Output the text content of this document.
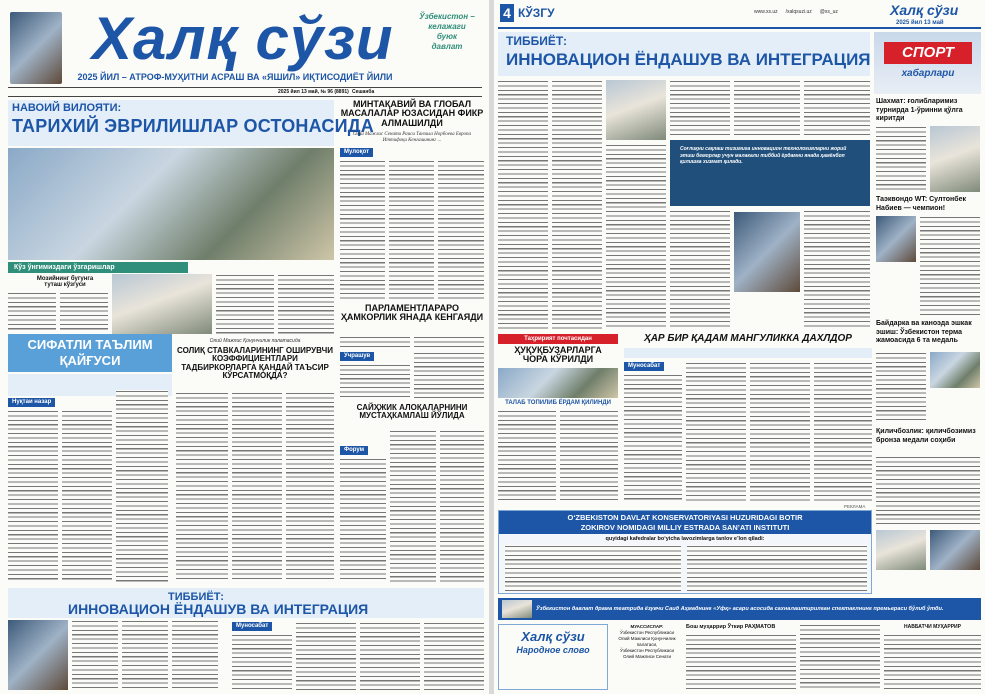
Халқ сўзи	Ўзбекистон –
келажаги
буюк
давлат
2025 ЙИЛ – АТРОФ-МУҲИТНИ АСРАШ ВА «ЯШИЛ» ИҚТИСОДИЁТ ЙИЛИ
2025 йил 13 май, № 96 (8891) Сешанба
НАВОИЙ ВИЛОЯТИ:
ТАРИХИЙ ЭВРИЛИШЛАР ОСТОНАСИДА
МИНТАҚАВИЙ ВА ГЛОБАЛ МАСАЛАЛАР ЮЗАСИДАН ФИКР АЛМАШИЛДИ
Олий Мажлис Сенати Раиси Танзила Норбоева Европа Иттифоқи Кенгашининг ...
Мулоқот
Кўз ўнгимиздаги ўзгаришлар
Мозийнинг бугунга
туташ кўзгуси
ПАРЛАМЕНТЛАРАРО ҲАМКОРЛИК ЯНАДА КЕНГАЯДИ
СИФАТЛИ ТАЪЛИМ
ҚАЙҒУСИ
Олий Мажлис Қонунчилик палатасида
СОЛИҚ СТАВКАЛАРИНИНГ ОШИРУВЧИ КОЭФФИЦИЕНТЛАРИ ТАДБИРКОРЛАРГА ҚАНДАЙ ТАЪСИР КЎРСАТМОҚДА?
Нуқтаи назар
Учрашув
САЙҲЖИК АЛОҚАЛАРНИНИ МУСТАҲКАМЛАШ ЙЎЛИДА
Форум
ТИББИЁТ:
ИННОВАЦИОН ЁНДАШУВ ВА ИНТЕГРАЦИЯ
Муносабат
4 КЎЗГУ	www.xs.uz /xalqsuzi.uz @xs_uz	Халқ сўзи
2025 йил 13 май
ТИББИЁТ:
ИННОВАЦИОН ЁНДАШУВ ВА ИНТЕГРАЦИЯ
Соғлиқни сақлаш тизимига инновацион технологияларни жорий этиш беморлар учун малакали тиббий ёрдамни янада ҳамёнбоп қилишга хизмат қилади.
СПОРТ
хабарлари
Шахмат: ғолибларимиз турнирда 1-ўринни қўлга киритди
Таэквондо WT: Султонбек Набиев — чемпион!
Байдарка ва каноэда эшкак эшиш: Ўзбекистон терма жамоасида 6 та медаль
Қиличбозлик: қиличбозимиз бронза медали соҳиби
Таҳририят почтасидан
ҲУҚУҚБУЗАРЛАРГА
ЧОРА КЎРИЛДИ
ТАЛАБ ТОПИЛИБ ЁРДАМ ҚИЛИНДИ
ҲАР БИР ҚАДАМ МАНГУЛИККА ДАХЛДОР
Муносабат
РЕКЛАМА
O‘ZBEKISTON DAVLAT KONSERVATORIYASI HUZURIDAGI BOTIR
ZOKIROV NOMIDAGI MILLIY ESTRADA SAN’ATI INSTITUTI
quyidagi kafedralar bo‘yicha lavozimlarga tanlov e’lon qiladi:
Ўзбекистон давлат драма театрида ёзувчи Саид Аҳмаднинг «Уфқ» асари асосида сахналаштирилган спектаклнинг премьераси бўлиб ўтди.
Халқ сўзи
Народное слово
МУАССИСЛАР:
Ўзбекистон Республикаси
Олий Мажлиси Қонунчилик палатаси,
Ўзбекистон Республикаси
Олий Мажлиси Сенати
Бош муҳаррир Ўткир РАҲМАТОВ	НАВБАТЧИ МУҲАРРИР
